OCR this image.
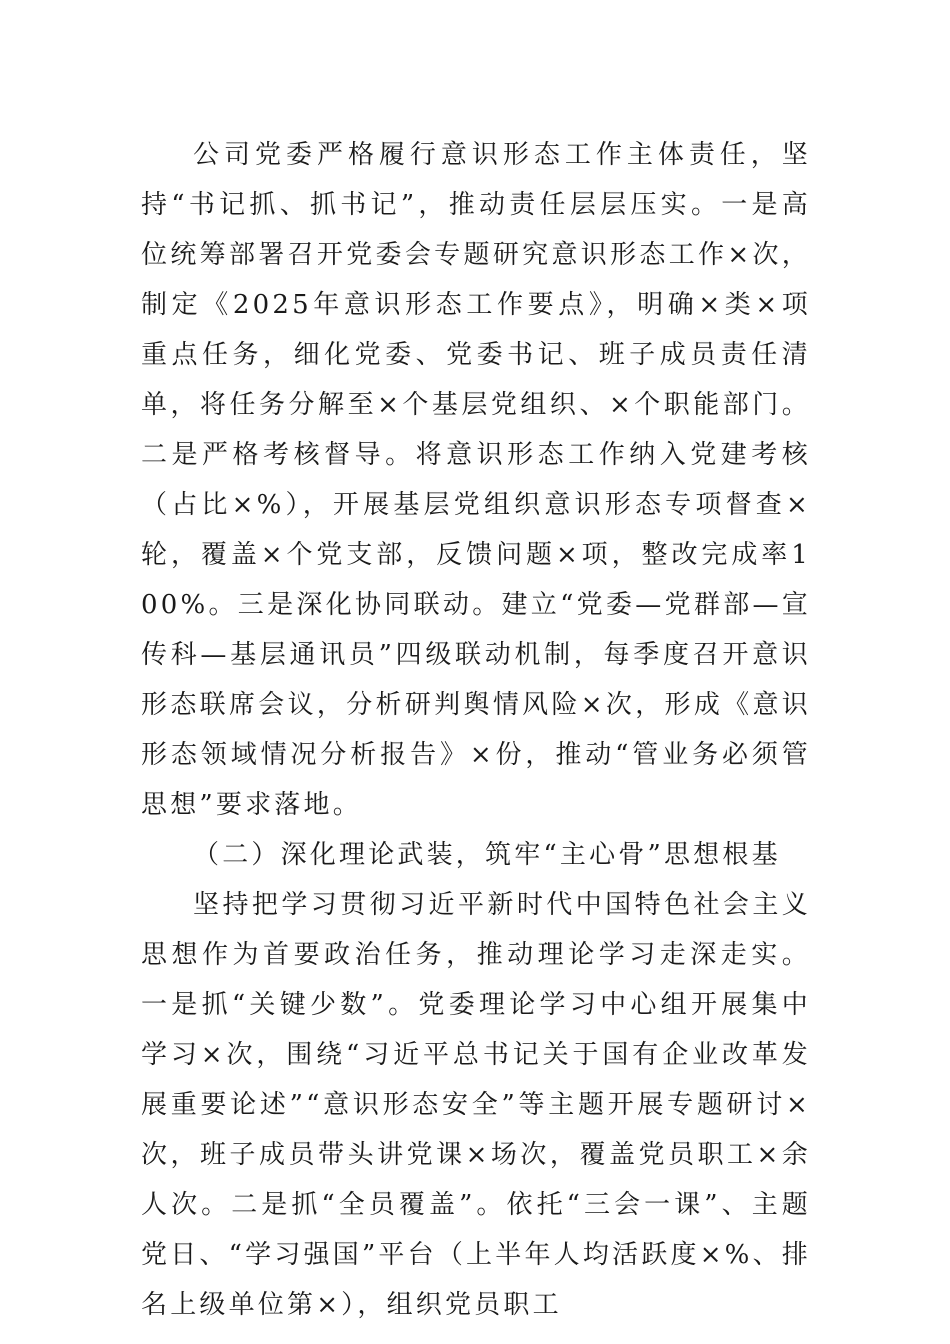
公司党委严格履行意识形态工作主体责任，坚持“书记抓、抓书记”，推动责任层层压实。一是高位统筹部署召开党委会专题研究意识形态工作×次，制定《2025年意识形态工作要点》，明确×类×项重点任务，细化党委、党委书记、班子成员责任清单，将任务分解至×个基层党组织、×个职能部门。二是严格考核督导。将意识形态工作纳入党建考核（占比×%），开展基层党组织意识形态专项督查×轮，覆盖×个党支部，反馈问题×项，整改完成率100%。三是深化协同联动。建立“党委—党群部—宣传科—基层通讯员”四级联动机制，每季度召开意识形态联席会议，分析研判舆情风险×次，形成《意识形态领域情况分析报告》×份，推动“管业务必须管思想”要求落地。

（二）深化理论武装，筑牢“主心骨”思想根基

坚持把学习贯彻习近平新时代中国特色社会主义思想作为首要政治任务，推动理论学习走深走实。一是抓“关键少数”。党委理论学习中心组开展集中学习×次，围绕“习近平总书记关于国有企业改革发展重要论述”“意识形态安全”等主题开展专题研讨×次，班子成员带头讲党课×场次，覆盖党员职工×余人次。二是抓“全员覆盖”。依托“三会一课”、主题党日、“学习强国”平台（上半年人均活跃度×%、排名上级单位第×），组织党员职工
